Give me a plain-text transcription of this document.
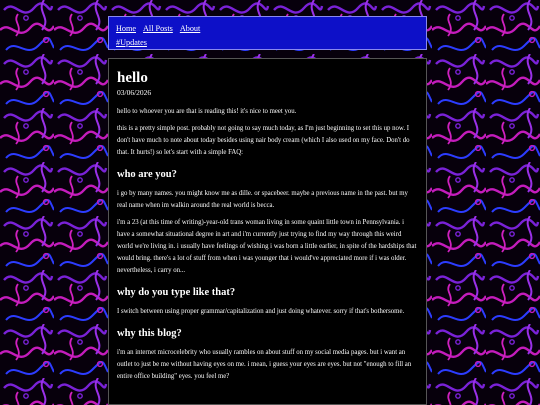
Home All Posts About
#Updates
hello
03/06/2026

hello to whoever you are that is reading this! it's nice to meet you.

this is a pretty simple post. probably not going to say much today, as I'm just beginning to set this up now. I don't have much to note about today besides using nair body cream (which I also used on my face. Don't do that. It hurts!) so let's start with a simple FAQ:

who are you?

i go by many names. you might know me as dille. or spacebeer. maybe a previous name in the past. but my real name when im walkin around the real world is becca.

i'm a 23 (at this time of writing)-year-old trans woman living in some quaint little town in Pennsylvania. i have a somewhat situational degree in art and i'm currently just trying to find my way through this weird world we're living in. i usually have feelings of wishing i was born a little earlier, in spite of the hardships that would bring. there's a lot of stuff from when i was younger that i would've appreciated more if i was older. nevertheless, i carry on...

why do you type like that?

I switch between using proper grammar/capitalization and just doing whatever. sorry if that's bothersome.

why this blog?

i'm an internet microcelebrity who usually rambles on about stuff on my social media pages. but i want an outlet to just be me without having eyes on me. i mean, i guess your eyes are eyes. but not "enough to fill an entire office building" eyes. you feel me?
